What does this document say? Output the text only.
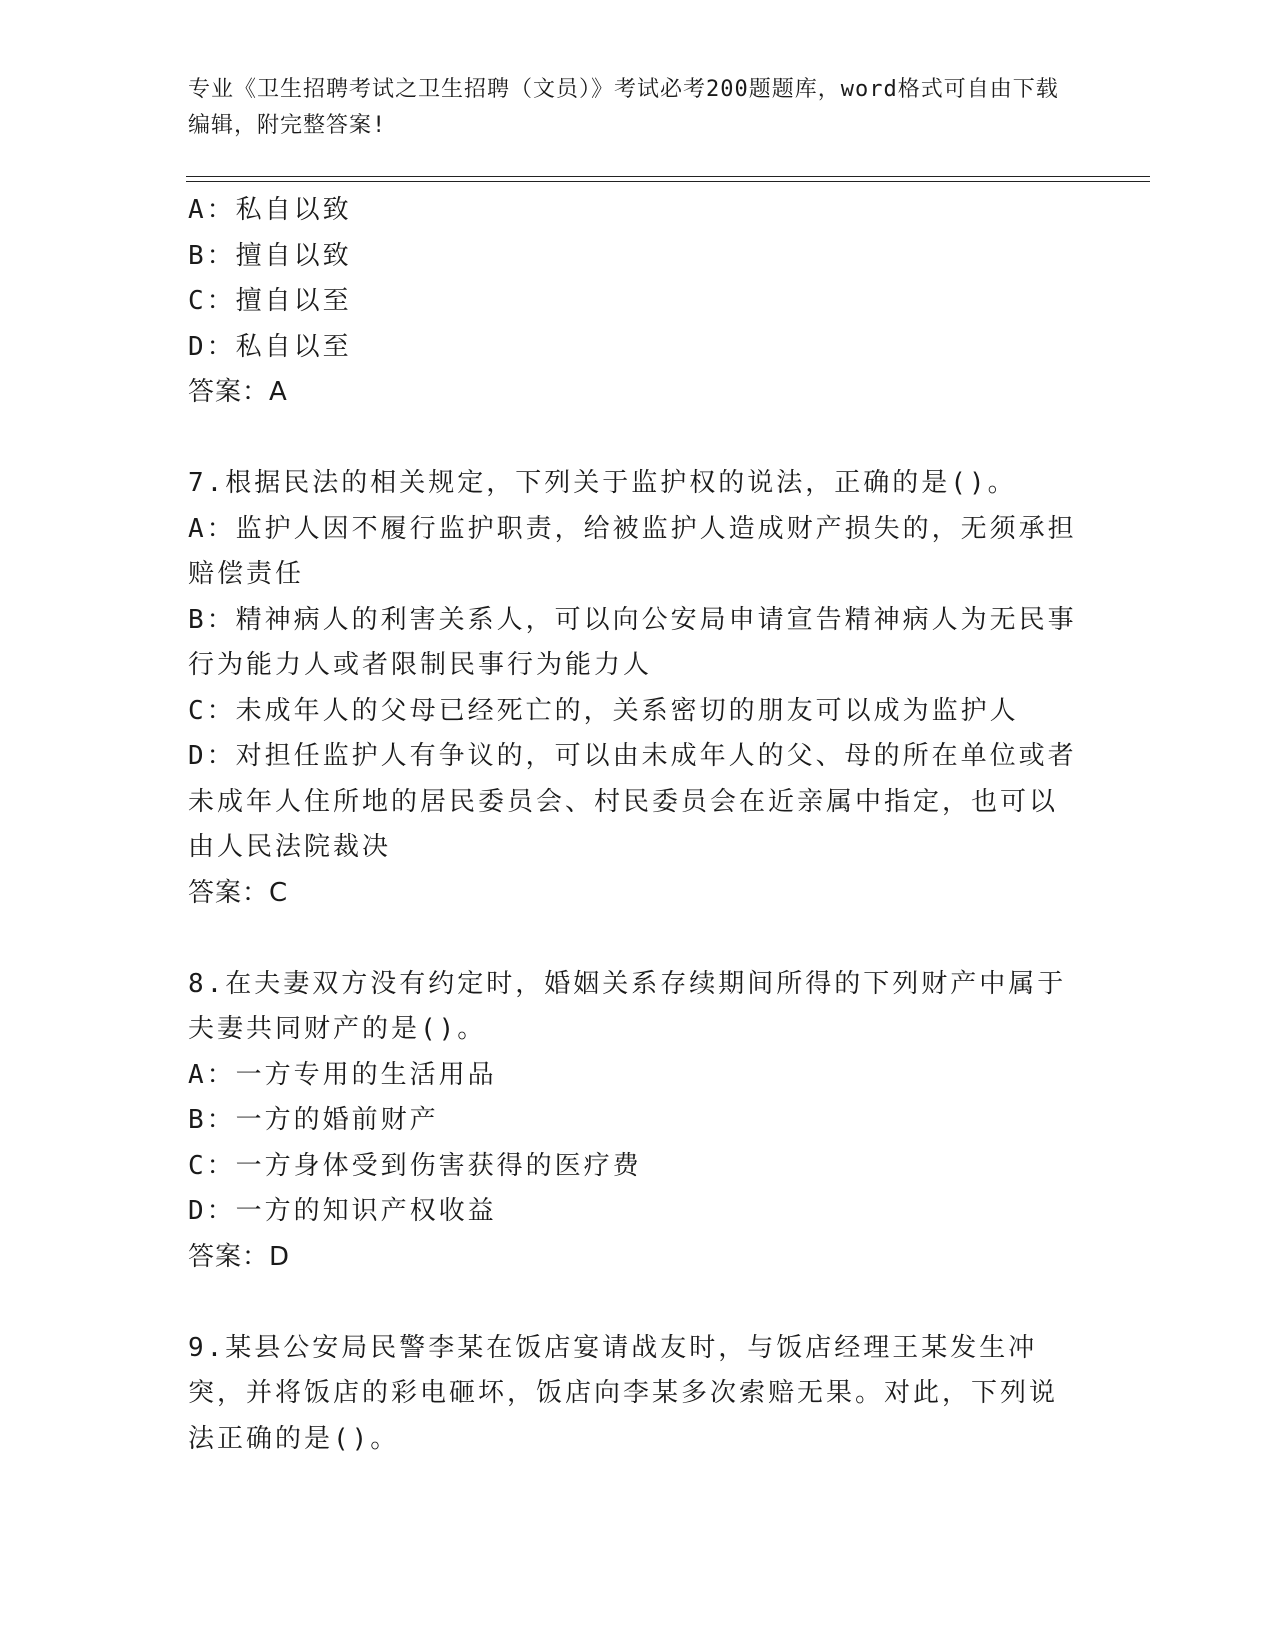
专业《卫生招聘考试之卫生招聘（文员）》考试必考200题题库，word格式可自由下载编辑，附完整答案!
A：私自以致
B：擅自以致
C：擅自以至
D：私自以至
答案：A
7.根据民法的相关规定，下列关于监护权的说法，正确的是()。
A：监护人因不履行监护职责，给被监护人造成财产损失的，无须承担赔偿责任
B：精神病人的利害关系人，可以向公安局申请宣告精神病人为无民事行为能力人或者限制民事行为能力人
C：未成年人的父母已经死亡的，关系密切的朋友可以成为监护人
D：对担任监护人有争议的，可以由未成年人的父、母的所在单位或者未成年人住所地的居民委员会、村民委员会在近亲属中指定，也可以由人民法院裁决
答案：C
8.在夫妻双方没有约定时，婚姻关系存续期间所得的下列财产中属于夫妻共同财产的是()。
A：一方专用的生活用品
B：一方的婚前财产
C：一方身体受到伤害获得的医疗费
D：一方的知识产权收益
答案：D
9.某县公安局民警李某在饭店宴请战友时，与饭店经理王某发生冲突，并将饭店的彩电砸坏，饭店向李某多次索赔无果。对此，下列说法正确的是()。
